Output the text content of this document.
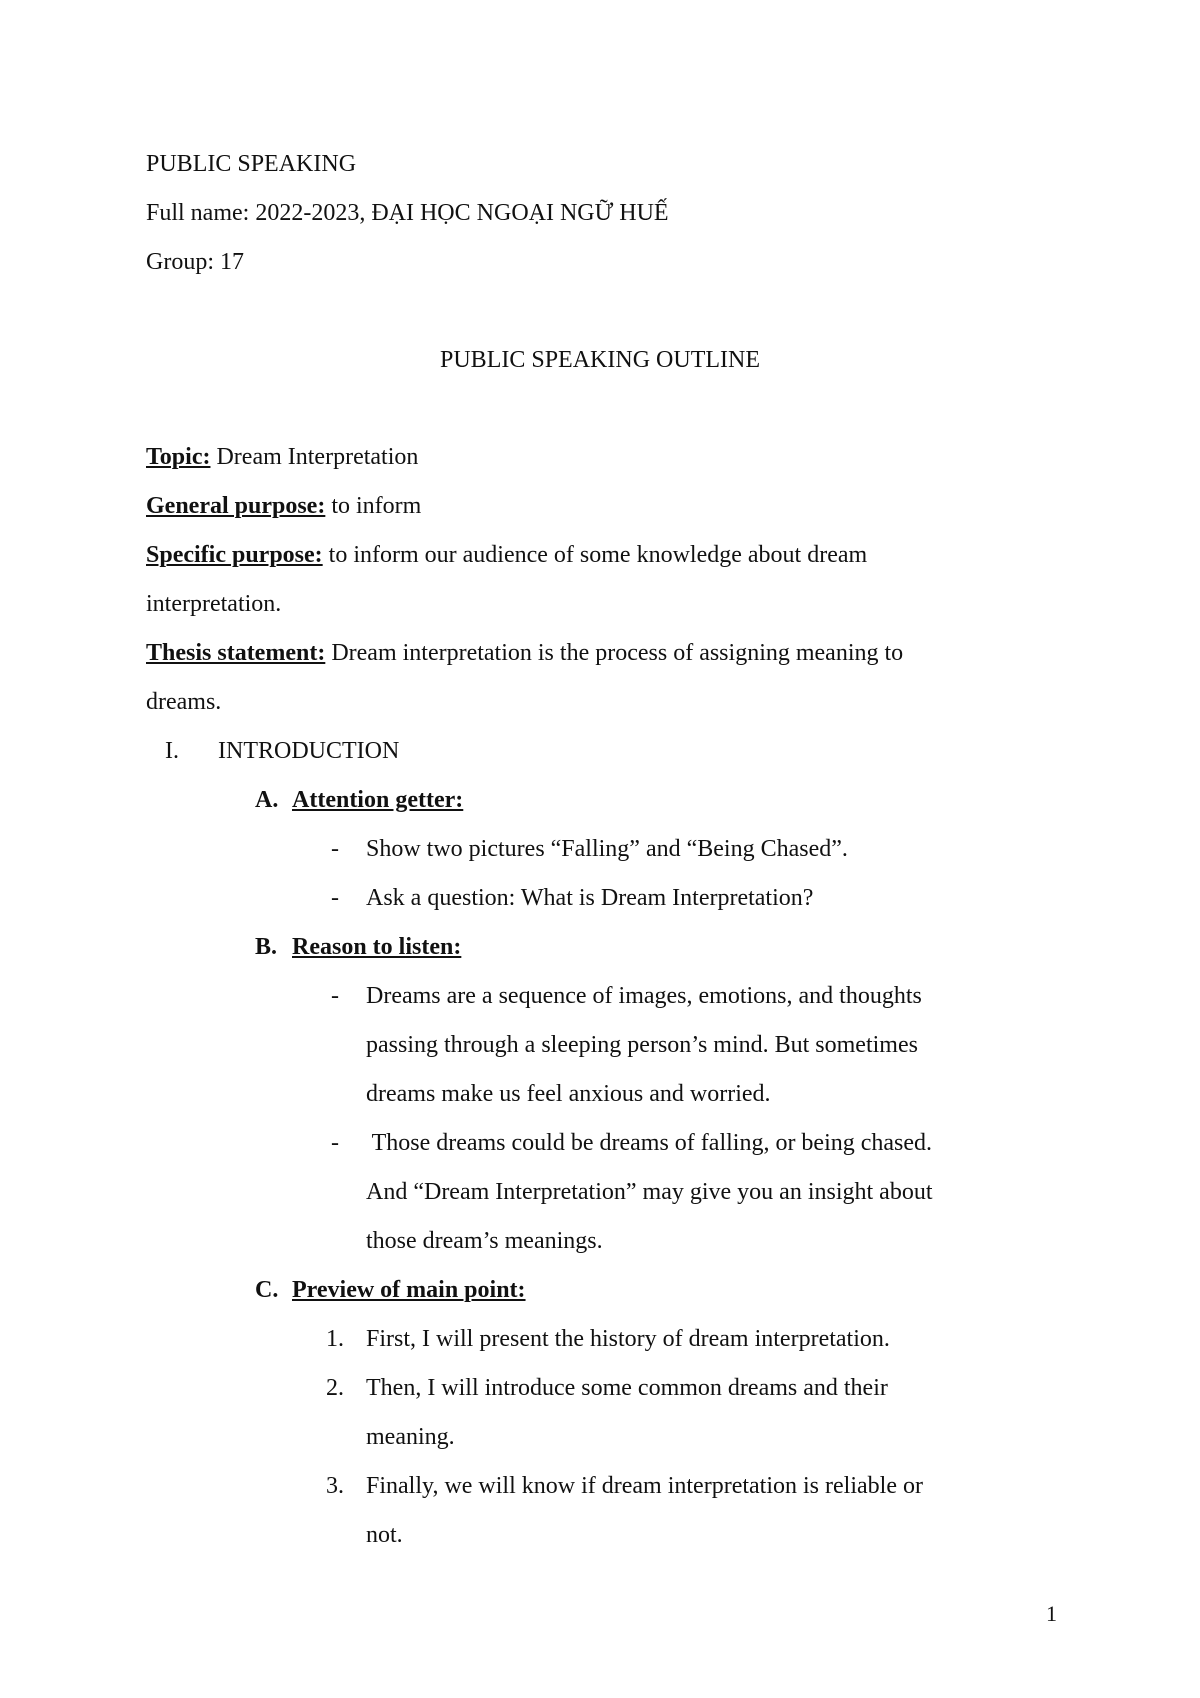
PUBLIC SPEAKING
Full name: 2022-2023, ĐẠI HỌC NGOẠI NGỮ HUẾ
Group: 17
PUBLIC SPEAKING OUTLINE
Topic: Dream Interpretation
General purpose: to inform
Specific purpose: to inform our audience of some knowledge about dream
interpretation.
Thesis statement: Dream interpretation is the process of assigning meaning to
dreams.
I. INTRODUCTION
A. Attention getter:
- Show two pictures “Falling” and “Being Chased”.
- Ask a question: What is Dream Interpretation?
B. Reason to listen:
- Dreams are a sequence of images, emotions, and thoughts
passing through a sleeping person’s mind. But sometimes
dreams make us feel anxious and worried.
- Those dreams could be dreams of falling, or being chased.
And “Dream Interpretation” may give you an insight about
those dream’s meanings.
C. Preview of main point:
1. First, I will present the history of dream interpretation.
2. Then, I will introduce some common dreams and their
meaning.
3. Finally, we will know if dream interpretation is reliable or
not.
1
